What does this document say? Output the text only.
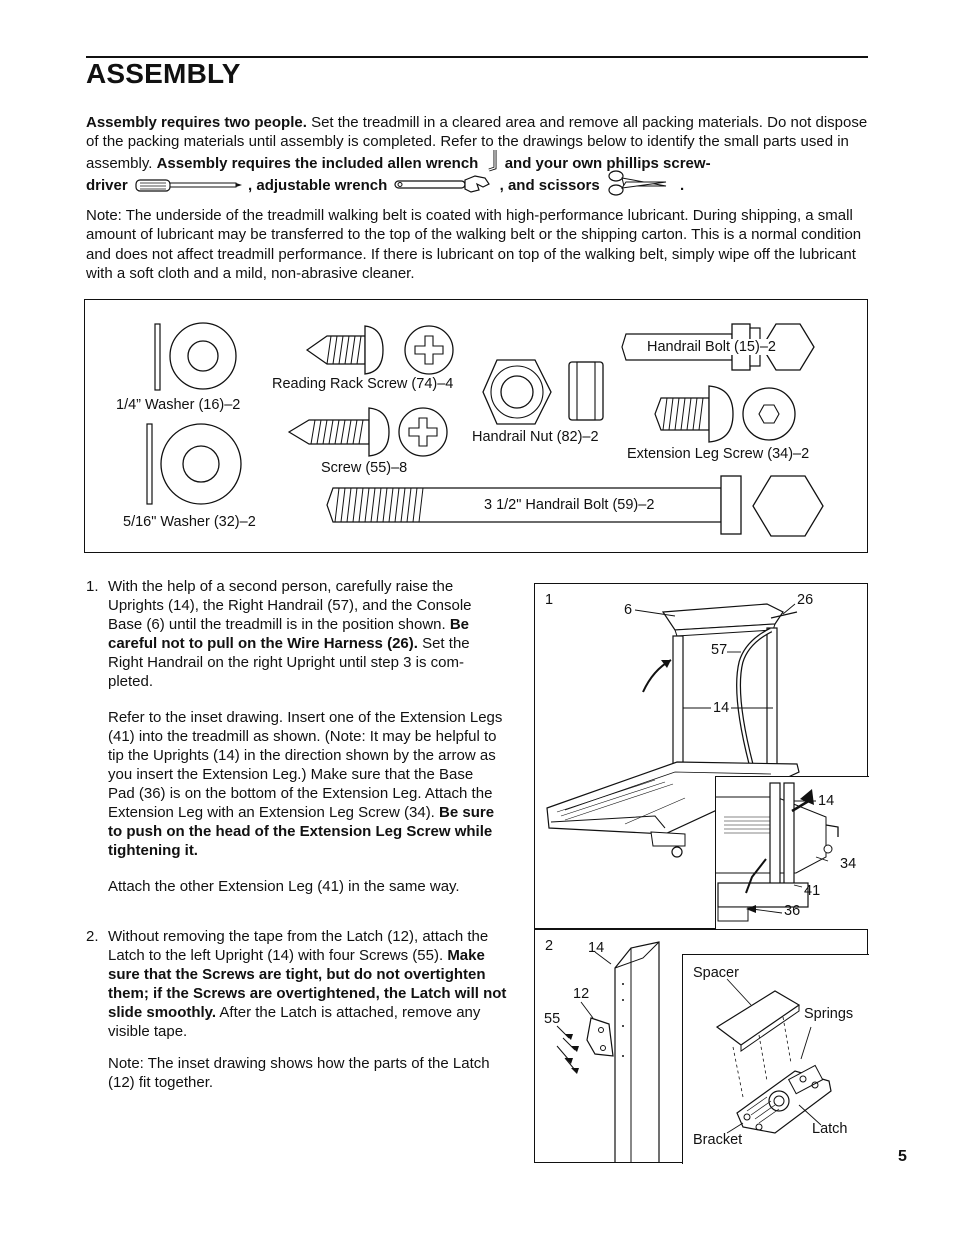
ASSEMBLY
Assembly requires two people. Set the treadmill in a cleared area and remove all packing materials. Do not dispose of the packing materials until assembly is completed. Refer to the drawings below to identify the small parts used in assembly. Assembly requires the included allen wrench and your own phillips screw-
driver	, adjustable wrench	, and scissors	.
Note: The underside of the treadmill walking belt is coated with high-performance lubricant. During shipping, a small amount of lubricant may be transferred to the top of the walking belt or the shipping carton. This is a normal condition and does not affect treadmill performance. If there is lubricant on top of the walking belt, simply wipe off the lubricant with a soft cloth and a mild, non-abrasive cleaner.
1/4” Washer (16)–2
5/16" Washer (32)–2
Reading Rack Screw (74)–4
Screw (55)–8
Handrail Nut (82)–2
Handrail Bolt (15)–2
Extension Leg Screw (34)–2
3 1/2" Handrail Bolt (59)–2
1. With the help of a second person, carefully raise the Uprights (14), the Right Handrail (57), and the Console Base (6) until the treadmill is in the position shown. Be careful not to pull on the Wire Harness (26). Set the Right Handrail on the right Upright until step 3 is com-pleted.
Refer to the inset drawing. Insert one of the Extension Legs (41) into the treadmill as shown. (Note: It may be helpful to tip the Uprights (14) in the direction shown by the arrow as you insert the Extension Leg.) Make sure that the Base Pad (36) is on the bottom of the Extension Leg. Attach the Extension Leg with an Extension Leg Screw (34). Be sure to push on the head of the Extension Leg Screw while tightening it.
Attach the other Extension Leg (41) in the same way.
2. Without removing the tape from the Latch (12), attach the Latch to the left Upright (14) with four Screws (55). Make sure that the Screws are tight, but do not overtighten them; if the Screws are overtightened, the Latch will not slide smoothly. After the Latch is attached, remove any visible tape.
Note: The inset drawing shows how the parts of the Latch (12) fit together.
1
6
26
57
14
14
34
41
36
2 14
12
55
Spacer
Springs
Latch
Bracket
5
